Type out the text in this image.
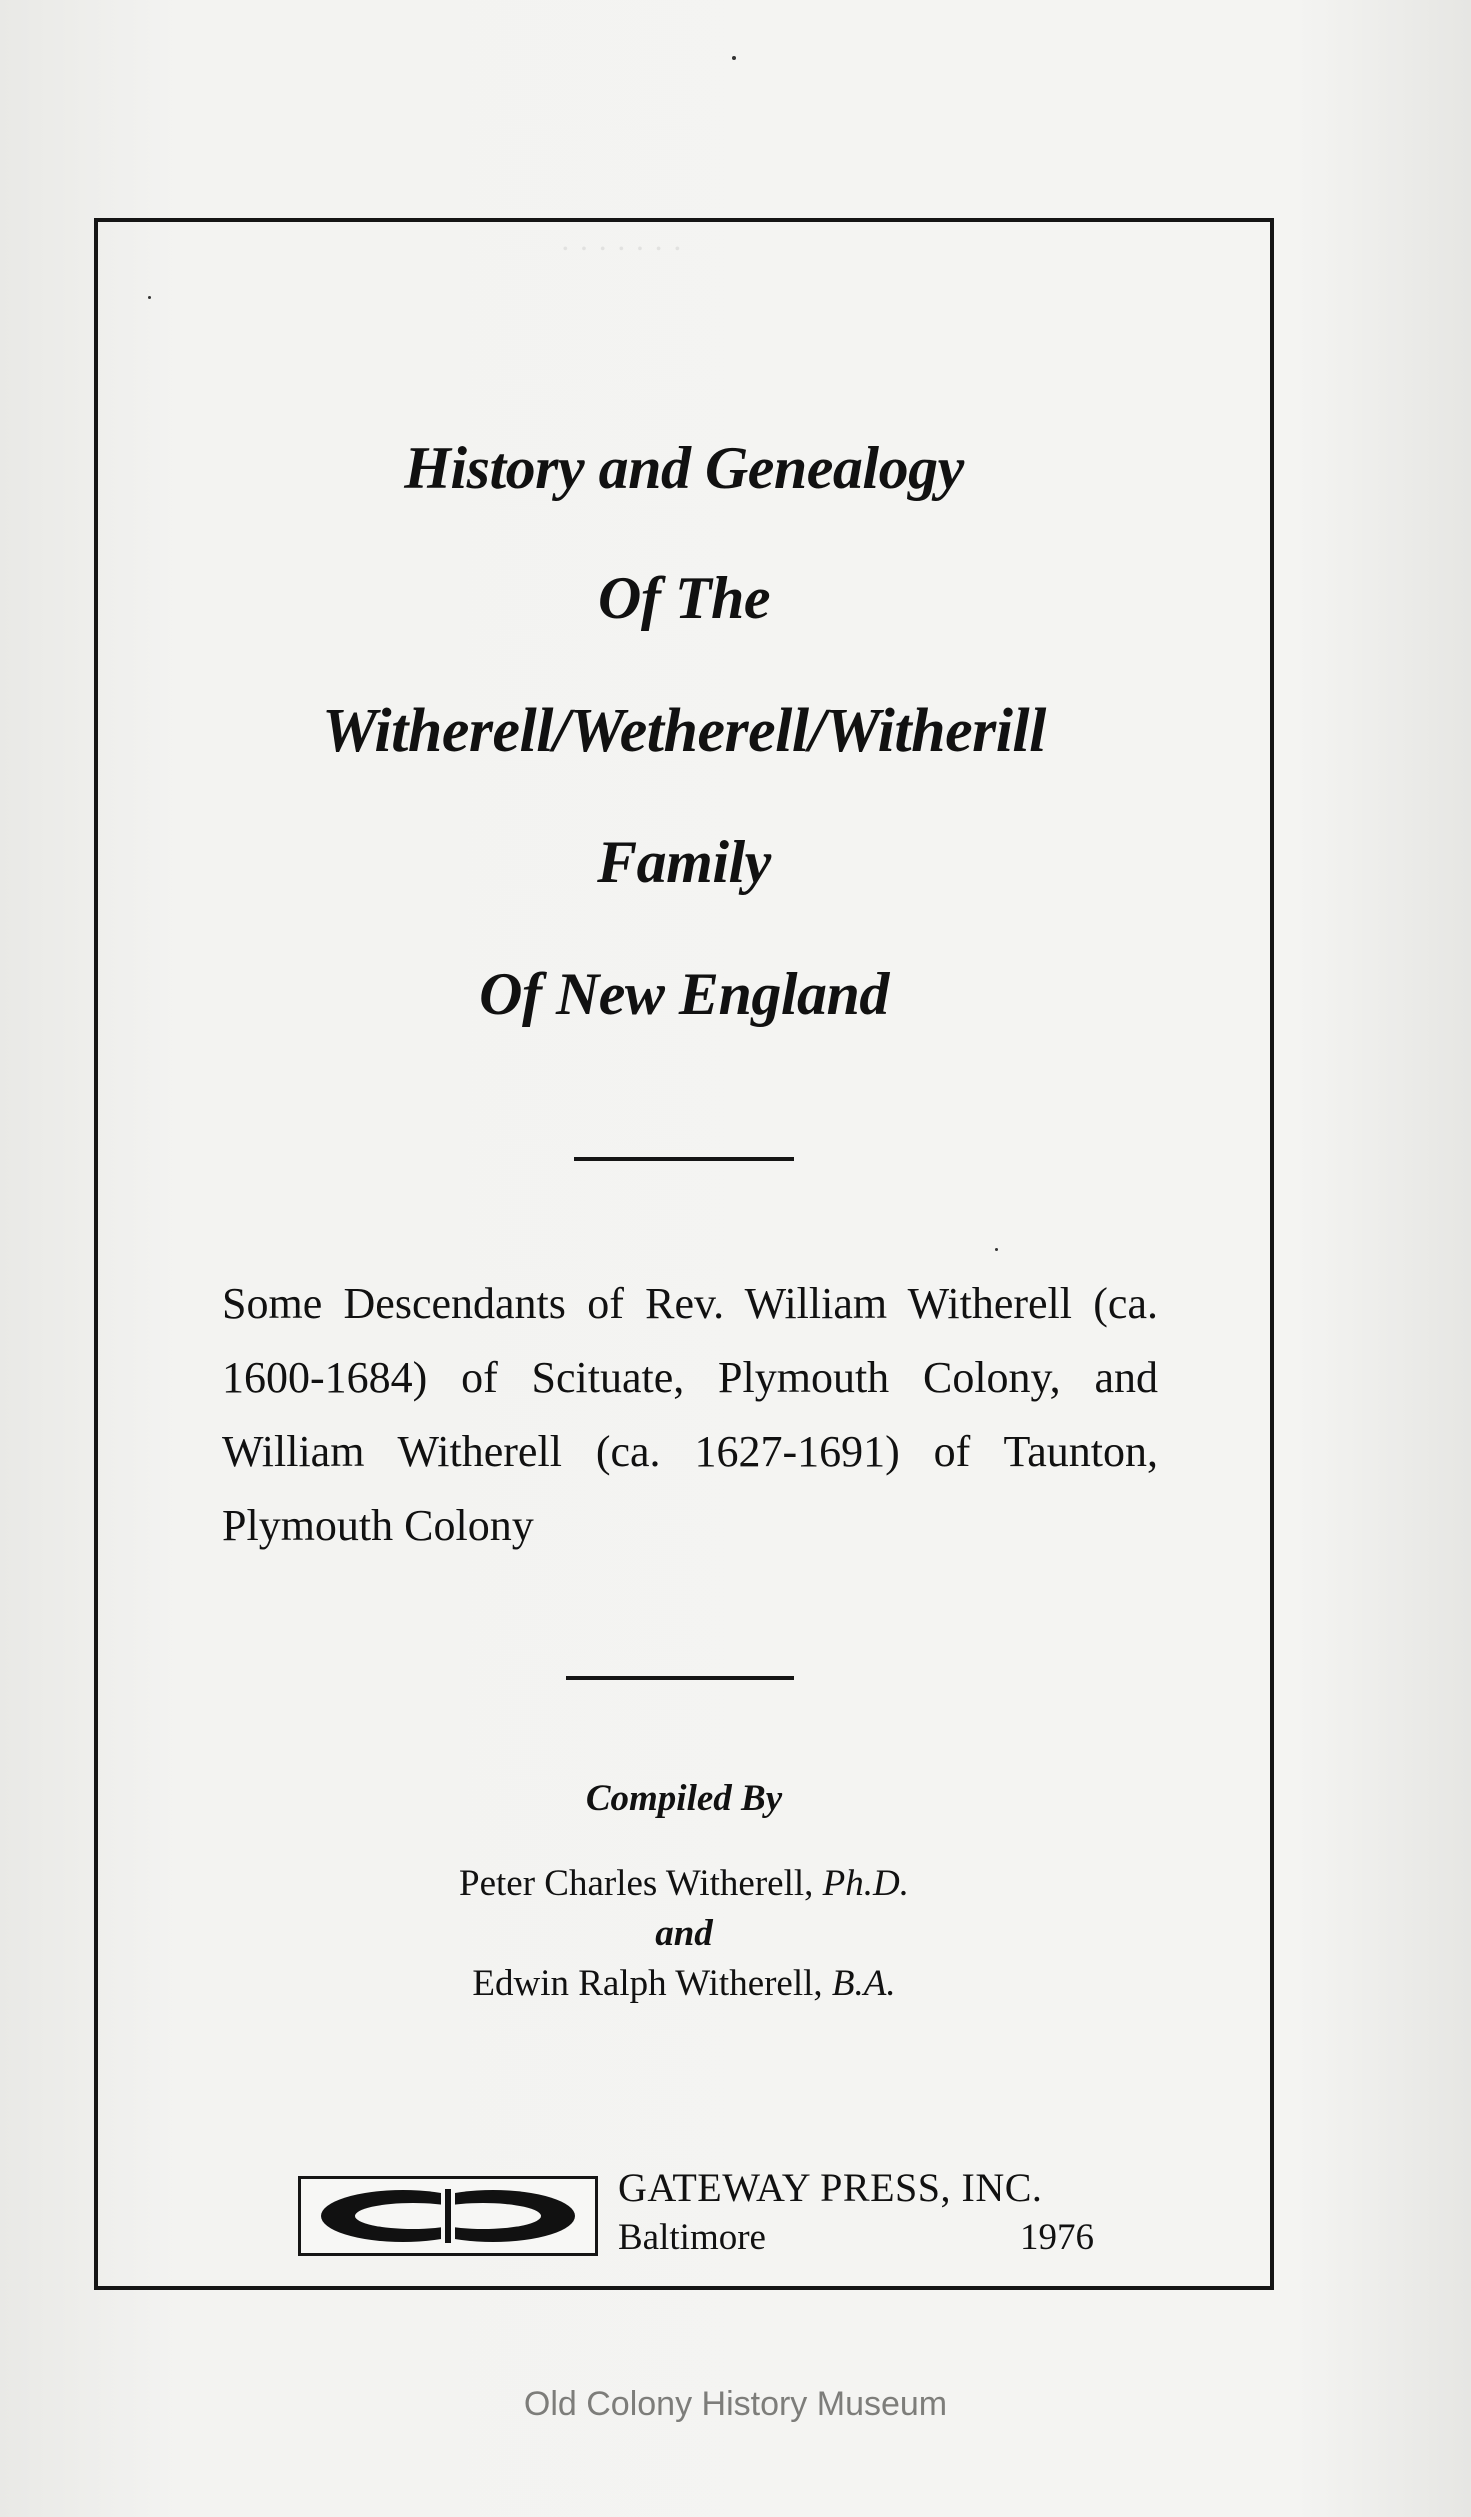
· · · · · · ·
History and Genealogy
Of The
Witherell/Wetherell/Witherill
Family
Of New England
Some Descendants of Rev. William Witherell (ca. 1600-1684) of Scituate, Plymouth Colony, and William Witherell (ca. 1627-1691) of Taunton, Plymouth Colony
Compiled By
Peter Charles Witherell, Ph.D.
and
Edwin Ralph Witherell, B.A.
GATEWAY PRESS, INC.
Baltimore	1976
Old Colony History Museum
